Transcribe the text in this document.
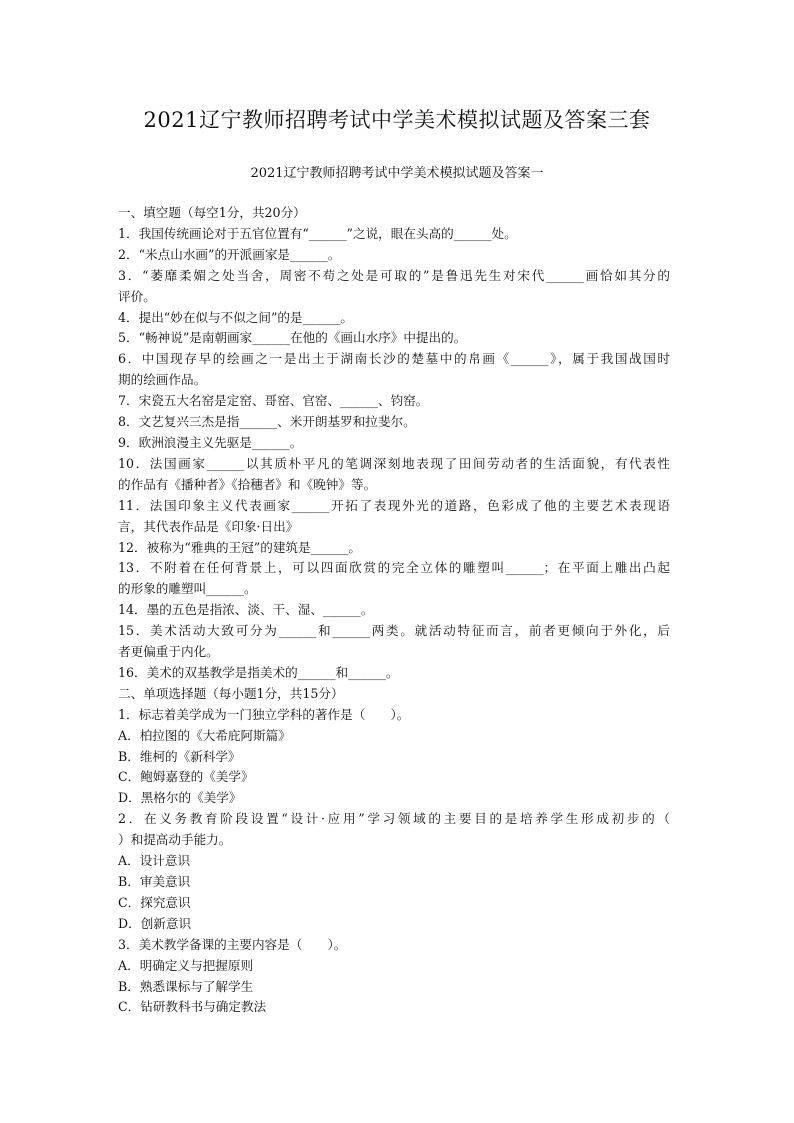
2021辽宁教师招聘考试中学美术模拟试题及答案三套
2021辽宁教师招聘考试中学美术模拟试题及答案一
一、填空题（每空1分，共20分）
1．我国传统画论对于五官位置有“______”之说，眼在头高的______处。
2．“米点山水画”的开派画家是______。
3．“萎靡柔媚之处当舍，周密不苟之处是可取的”是鲁迅先生对宋代______画恰如其分的
评价。
4．提出“妙在似与不似之间”的是______。
5．“畅神说”是南朝画家______在他的《画山水序》中提出的。
6．中国现存早的绘画之一是出土于湖南长沙的楚墓中的帛画《______》，属于我国战国时
期的绘画作品。
7．宋瓷五大名窑是定窑、哥窑、官窑、______、钧窑。
8．文艺复兴三杰是指______、米开朗基罗和拉斐尔。
9．欧洲浪漫主义先驱是______。
10．法国画家______以其质朴平凡的笔调深刻地表现了田间劳动者的生活面貌，有代表性
的作品有《播种者》《拾穗者》和《晚钟》等。
11．法国印象主义代表画家______开拓了表现外光的道路，色彩成了他的主要艺术表现语
言，其代表作品是《印象·日出》
12．被称为“雅典的王冠”的建筑是______。
13．不附着在任何背景上，可以四面欣赏的完全立体的雕塑叫______；在平面上雕出凸起
的形象的雕塑叫______。
14．墨的五色是指浓、淡、干、湿、______。
15．美术活动大致可分为______和______两类。就活动特征而言，前者更倾向于外化，后
者更偏重于内化。
16．美术的双基教学是指美术的______和______。
二、单项选择题（每小题1分，共15分）
1．标志着美学成为一门独立学科的著作是（　　）。
A．柏拉图的《大希庇阿斯篇》
B．维柯的《新科学》
C．鲍姆嘉登的《美学》
D．黑格尔的《美学》
2．在义务教育阶段设置“设计·应用”学习领域的主要目的是培养学生形成初步的（
）和提高动手能力。
A．设计意识
B．审美意识
C．探究意识
D．创新意识
3．美术教学备课的主要内容是（　　）。
A．明确定义与把握原则
B．熟悉课标与了解学生
C．钻研教科书与确定教法
